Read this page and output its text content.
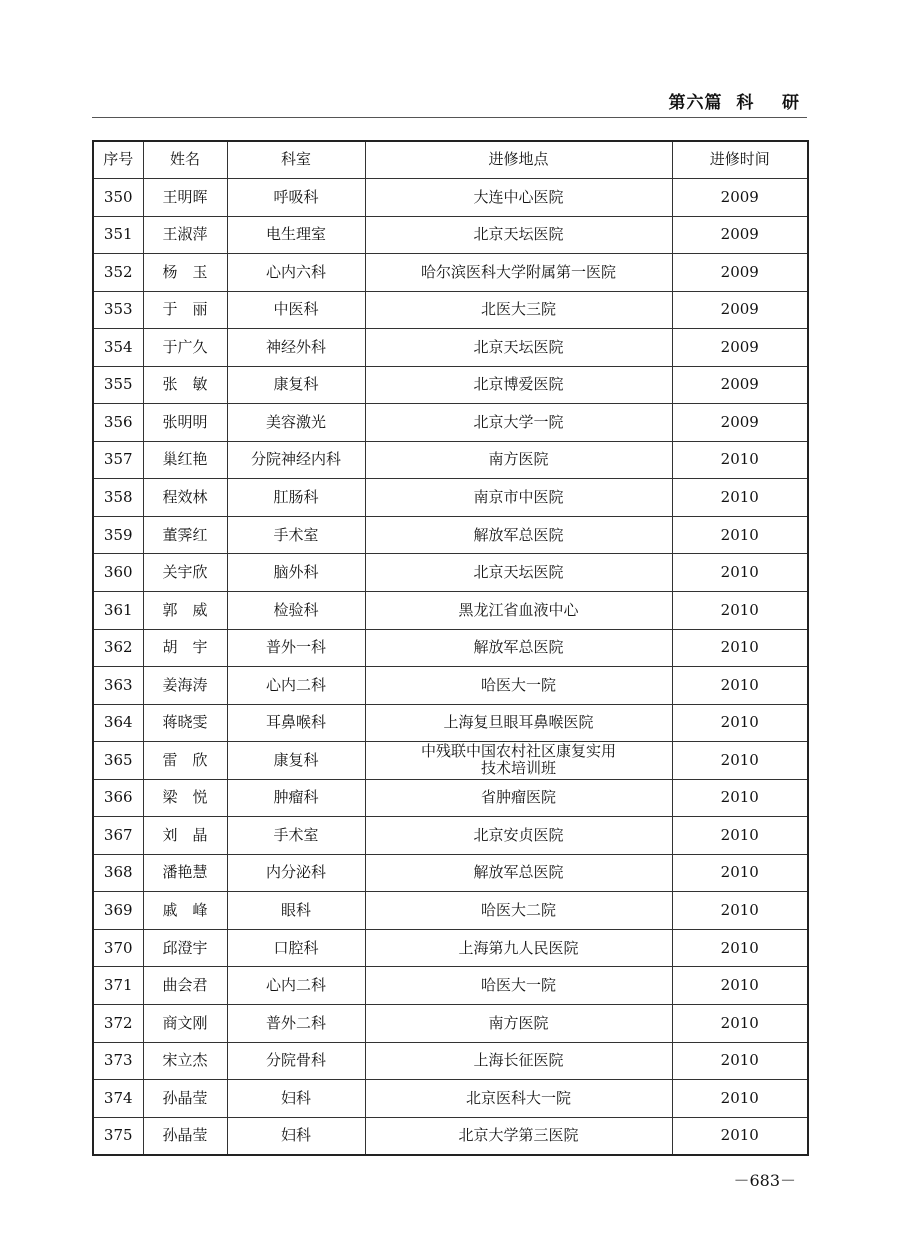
第六篇  科    研
序号	姓名	科室	进修地点	进修时间
350	王明晖	呼吸科	大连中心医院	2009
351	王淑萍	电生理室	北京天坛医院	2009
352	杨　玉	心内六科	哈尔滨医科大学附属第一医院	2009
353	于　丽	中医科	北医大三院	2009
354	于广久	神经外科	北京天坛医院	2009
355	张　敏	康复科	北京博爱医院	2009
356	张明明	美容激光	北京大学一院	2009
357	巢红艳	分院神经内科	南方医院	2010
358	程效林	肛肠科	南京市中医院	2010
359	董霁红	手术室	解放军总医院	2010
360	关宇欣	脑外科	北京天坛医院	2010
361	郭　威	检验科	黑龙江省血液中心	2010
362	胡　宇	普外一科	解放军总医院	2010
363	姜海涛	心内二科	哈医大一院	2010
364	蒋晓雯	耳鼻喉科	上海复旦眼耳鼻喉医院	2010
365	雷　欣	康复科	中残联中国农村社区康复实用
技术培训班	2010
366	梁　悦	肿瘤科	省肿瘤医院	2010
367	刘　晶	手术室	北京安贞医院	2010
368	潘艳慧	内分泌科	解放军总医院	2010
369	戚　峰	眼科	哈医大二院	2010
370	邱澄宇	口腔科	上海第九人民医院	2010
371	曲会君	心内二科	哈医大一院	2010
372	商文刚	普外二科	南方医院	2010
373	宋立杰	分院骨科	上海长征医院	2010
374	孙晶莹	妇科	北京医科大一院	2010
375	孙晶莹	妇科	北京大学第三医院	2010
－683－
